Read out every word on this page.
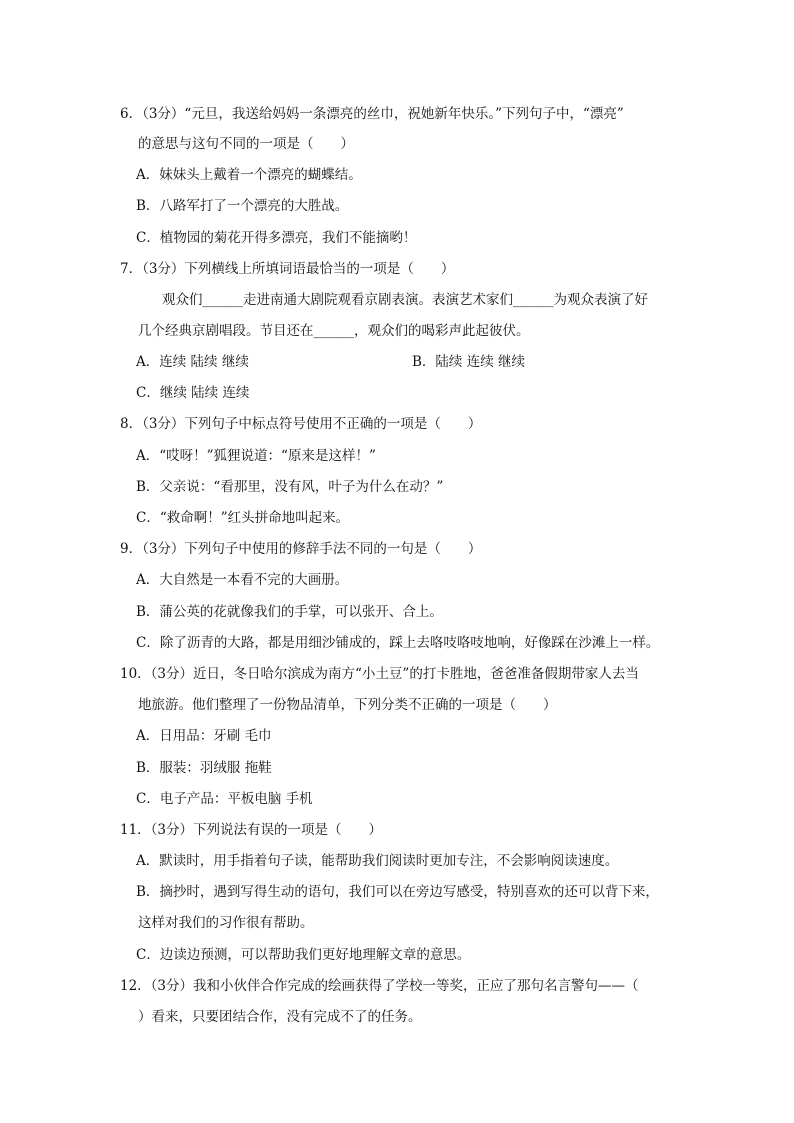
6．（3分）“元旦，我送给妈妈一条漂亮的丝巾，祝她新年快乐。”下列句子中，“漂亮”
的意思与这句不同的一项是（　　）
A．妹妹头上戴着一个漂亮的蝴蝶结。
B．八路军打了一个漂亮的大胜战。
C．植物园的菊花开得多漂亮，我们不能摘哟！
7．（3分）下列横线上所填词语最恰当的一项是（　　）
观众们______走进南通大剧院观看京剧表演。表演艺术家们______为观众表演了好
几个经典京剧唱段。节目还在______，观众们的喝彩声此起彼伏。
A．连续 陆续 继续	B．陆续 连续 继续
C．继续 陆续 连续
8．（3分）下列句子中标点符号使用不正确的一项是（　　）
A．“哎呀！”狐狸说道：“原来是这样！”
B．父亲说：“看那里，没有风，叶子为什么在动？”
C．“救命啊！”红头拼命地叫起来。
9．（3分）下列句子中使用的修辞手法不同的一句是（　　）
A．大自然是一本看不完的大画册。
B．蒲公英的花就像我们的手掌，可以张开、合上。
C．除了沥青的大路，都是用细沙铺成的，踩上去咯吱咯吱地响，好像踩在沙滩上一样。
10．（3分）近日，冬日哈尔滨成为南方“小土豆”的打卡胜地，爸爸准备假期带家人去当
地旅游。他们整理了一份物品清单，下列分类不正确的一项是（　　）
A．日用品：牙刷 毛巾
B．服装：羽绒服 拖鞋
C．电子产品：平板电脑 手机
11．（3分）下列说法有误的一项是（　　）
A．默读时，用手指着句子读，能帮助我们阅读时更加专注，不会影响阅读速度。
B．摘抄时，遇到写得生动的语句，我们可以在旁边写感受，特别喜欢的还可以背下来，
这样对我们的习作很有帮助。
C．边读边预测，可以帮助我们更好地理解文章的意思。
12．（3分）我和小伙伴合作完成的绘画获得了学校一等奖，正应了那句名言警句——（
）看来，只要团结合作，没有完成不了的任务。
